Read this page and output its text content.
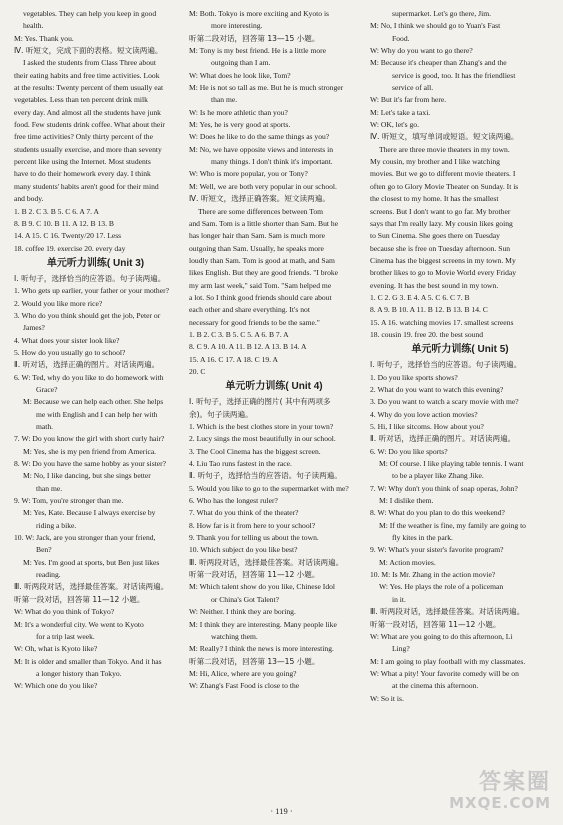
vegetables. They can help you keep in good
health.
M: Yes. Thank you.
Ⅳ. 听短文，完成下面的表格。短文读两遍。
I asked the students from Class Three about
their eating habits and free time activities. Look
at the results: Twenty percent of them usually eat
vegetables. Less than ten percent drink milk
every day. And almost all the students have junk
food. Few students drink coffee. What about their
free time activities? Only thirty percent of the
students usually exercise, and more than seventy
percent like using the Internet. Most students
have to do their homework every day. I think
many students' habits aren't good for their mind
and body.
1. B 2. C 3. B 5. C 6. A 7. A
8. B 9. C 10. B 11. A 12. B 13. B
14. A 15. C 16. Twenty/20 17. Less
18. coffee 19. exercise 20. every day
单元听力训练( Unit 3)
Ⅰ. 听句子，选择恰当的应答语。句子读两遍。
1. Who gets up earlier, your father or your mother?
2. Would you like more rice?
3. Who do you think should get the job, Peter or
James?
4. What does your sister look like?
5. How do you usually go to school?
Ⅱ. 听对话，选择正确的图片。对话读两遍。
6. W: Ted, why do you like to do homework with
Grace?
M: Because we can help each other. She helps
me with English and I can help her with
math.
7. W: Do you know the girl with short curly hair?
M: Yes, she is my pen friend from America.
8. W: Do you have the same hobby as your sister?
M: No, I like dancing, but she sings better
than me.
9. W: Tom, you're stronger than me.
M: Yes, Kate. Because I always exercise by
riding a bike.
10. W: Jack, are you stronger than your friend,
Ben?
M: Yes. I'm good at sports, but Ben just likes
reading.
Ⅲ. 听两段对话，选择最佳答案。对话读两遍。
听第一段对话，回答第 11—12 小题。
W: What do you think of Tokyo?
M: It's a wonderful city. We went to Kyoto
for a trip last week.
W: Oh, what is Kyoto like?
M: It is older and smaller than Tokyo. And it has
a longer history than Tokyo.
W: Which one do you like?
M: Both. Tokyo is more exciting and Kyoto is
more interesting.
听第二段对话，回答第 13—15 小题。
M: Tony is my best friend. He is a little more
outgoing than I am.
W: What does he look like, Tom?
M: He is not so tall as me. But he is much stronger
than me.
W: Is he more athletic than you?
M: Yes, he is very good at sports.
W: Does he like to do the same things as you?
M: No, we have opposite views and interests in
many things. I don't think it's important.
W: Who is more popular, you or Tony?
M: Well, we are both very popular in our school.
Ⅳ. 听短文，选择正确答案。短文读两遍。
There are some differences between Tom
and Sam. Tom is a little shorter than Sam. But he
has longer hair than Sam. Sam is much more
outgoing than Sam. Usually, he speaks more
loudly than Sam. Tom is good at math, and Sam
likes English. But they are good friends. "I broke
my arm last week," said Tom. "Sam helped me
a lot. So I think good friends should care about
each other and share everything. It's not
necessary for good friends to be the same."
1. B 2. C 3. B 5. C 5. A 6. B 7. A
8. C 9. A 10. A 11. B 12. A 13. B 14. A
15. A 16. C 17. A 18. C 19. A
20. C
单元听力训练( Unit 4)
Ⅰ. 听句子，选择正确的图片( 其中有两项多
余)。句子读两遍。
1. Which is the best clothes store in your town?
2. Lucy sings the most beautifully in our school.
3. The Cool Cinema has the biggest screen.
4. Liu Tao runs fastest in the race.
Ⅱ. 听句子，选择恰当的应答语。句子读两遍。
5. Would you like to go to the supermarket with me?
6. Who has the longest ruler?
7. What do you think of the theater?
8. How far is it from here to your school?
9. Thank you for telling us about the town.
10. Which subject do you like best?
Ⅲ. 听两段对话，选择最佳答案。对话读两遍。
听第一段对话，回答第 11—12 小题。
M: Which talent show do you like, Chinese Idol
or China's Got Talent?
W: Neither. I think they are boring.
M: I think they are interesting. Many people like
watching them.
M: Really? I think the news is more interesting.
听第二段对话，回答第 13—15 小题。
M: Hi, Alice, where are you going?
W: Zhang's Fast Food is close to the
supermarket. Let's go there, Jim.
M: No, I think we should go to Yuan's Fast
Food.
W: Why do you want to go there?
M: Because it's cheaper than Zhang's and the
service is good, too. It has the friendliest
service of all.
W: But it's far from here.
M: Let's take a taxi.
W: OK, let's go.
Ⅳ. 听短文，填写单词或短语。短文读两遍。
There are three movie theaters in my town.
My cousin, my brother and I like watching
movies. But we go to different movie theaters. I
often go to Glory Movie Theater on Sunday. It is
the closest to my home. It has the smallest
screens. But I don't want to go far. My brother
says that I'm really lazy. My cousin likes going
to Sun Cinema. She goes there on Tuesday
because she is free on Tuesday afternoon. Sun
Cinema has the biggest screens in my town. My
brother likes to go to Movie World every Friday
evening. It has the best sound in my town.
1. C 2. G 3. E 4. A 5. C 6. C 7. B
8. A 9. B 10. A 11. B 12. B 13. B 14. C
15. A 16. watching movies 17. smallest screens
18. cousin 19. free 20. the best sound
单元听力训练( Unit 5)
Ⅰ. 听句子，选择恰当的应答语。句子读两遍。
1. Do you like sports shows?
2. What do you want to watch this evening?
3. Do you want to watch a scary movie with me?
4. Why do you love action movies?
5. Hi, I like sitcoms. How about you?
Ⅱ. 听对话，选择正确的图片。对话读两遍。
6. W: Do you like sports?
M: Of course. I like playing table tennis. I want
to be a player like Zhang Jike.
7. W: Why don't you think of soap operas, John?
M: I dislike them.
8. W: What do you plan to do this weekend?
M: If the weather is fine, my family are going to
fly kites in the park.
9. W: What's your sister's favorite program?
M: Action movies.
10. M: Is Mr. Zhang in the action movie?
W: Yes. He plays the role of a policeman
in it.
Ⅲ. 听两段对话，选择最佳答案。对话读两遍。
听第一段对话，回答第 11—12 小题。
W: What are you going to do this afternoon, Li
Ling?
M: I am going to play football with my classmates.
W: What a pity! Your favorite comedy will be on
at the cinema this afternoon.
W: So it is.
· 119 ·
答案圈
MXQE.COM
